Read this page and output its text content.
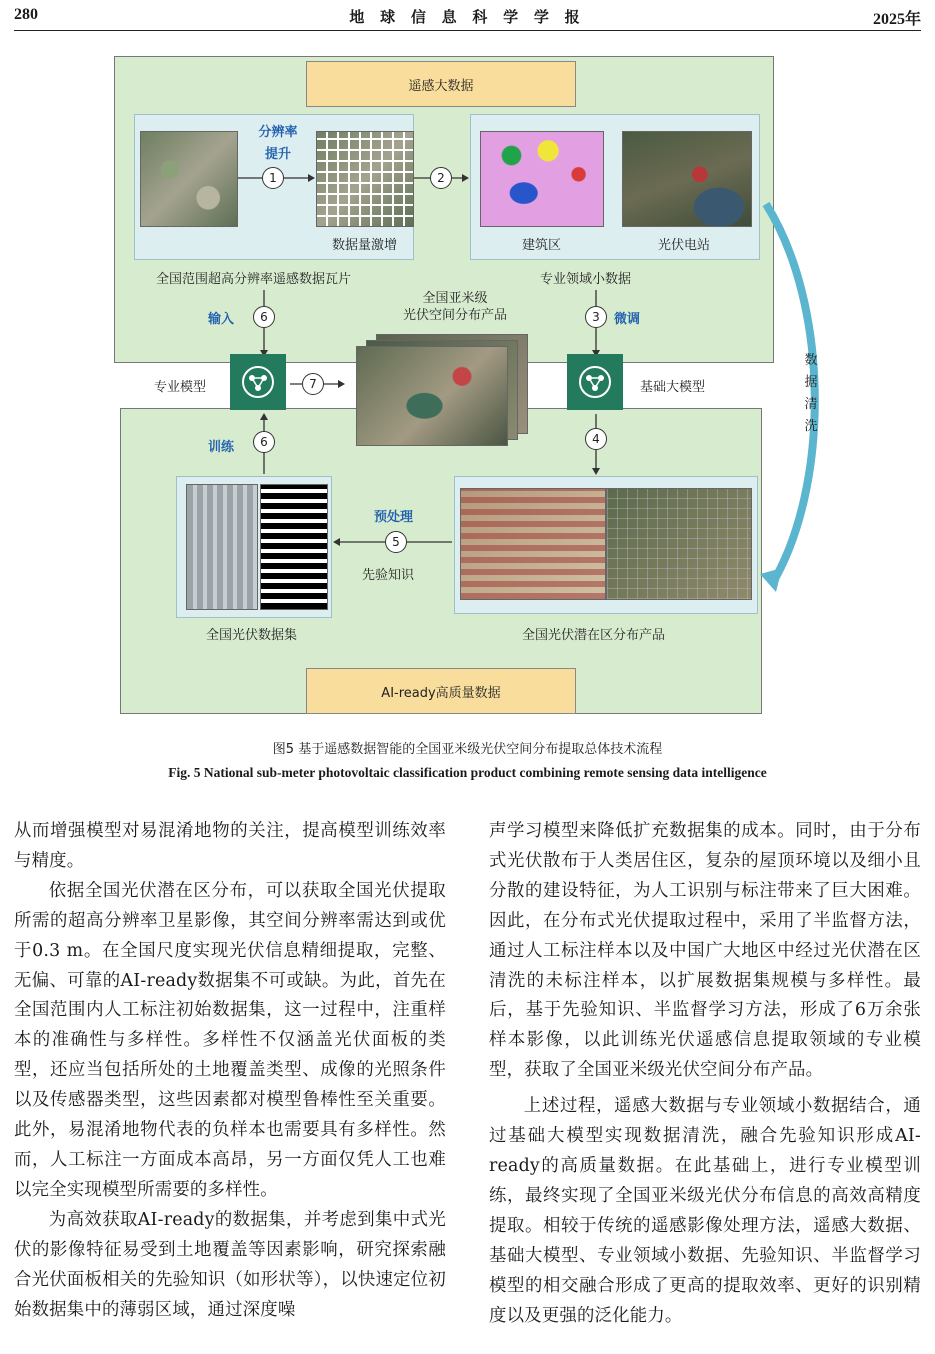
280	地 球 信 息 科 学 学 报	2025年
遥感大数据
AI-ready高质量数据
分辨率
提升
数据量激增	建筑区	光伏电站
全国范围超高分辨率遥感数据瓦片	专业领域小数据
1	2
全国亚米级
光伏空间分布产品
输入	6	微调
3
专业模型	基础大模型
7
训练	6	4
预处理
5
先验知识
全国光伏数据集	全国光伏潜在区分布产品
数
据
清
洗
图5 基于遥感数据智能的全国亚米级光伏空间分布提取总体技术流程
Fig. 5 National sub-meter photovoltaic classification product combining remote sensing data intelligence

从而增强模型对易混淆地物的关注，提高模型训练效率与精度。

依据全国光伏潜在区分布，可以获取全国光伏提取所需的超高分辨率卫星影像，其空间分辨率需达到或优于0.3 m。在全国尺度实现光伏信息精细提取，完整、无偏、可靠的AI-ready数据集不可或缺。为此，首先在全国范围内人工标注初始数据集，这一过程中，注重样本的准确性与多样性。多样性不仅涵盖光伏面板的类型，还应当包括所处的土地覆盖类型、成像的光照条件以及传感器类型，这些因素都对模型鲁棒性至关重要。此外，易混淆地物代表的负样本也需要具有多样性。然而，人工标注一方面成本高昂，另一方面仅凭人工也难以完全实现模型所需要的多样性。

为高效获取AI-ready的数据集，并考虑到集中式光伏的影像特征易受到土地覆盖等因素影响，研究探索融合光伏面板相关的先验知识（如形状等），以快速定位初始数据集中的薄弱区域，通过深度噪

声学习模型来降低扩充数据集的成本。同时，由于分布式光伏散布于人类居住区，复杂的屋顶环境以及细小且分散的建设特征，为人工识别与标注带来了巨大困难。因此，在分布式光伏提取过程中，采用了半监督方法，通过人工标注样本以及中国广大地区中经过光伏潜在区清洗的未标注样本，以扩展数据集规模与多样性。最后，基于先验知识、半监督学习方法，形成了6万余张样本影像，以此训练光伏遥感信息提取领域的专业模型，获取了全国亚米级光伏空间分布产品。

上述过程，遥感大数据与专业领域小数据结合，通过基础大模型实现数据清洗，融合先验知识形成AI-ready的高质量数据。在此基础上，进行专业模型训练，最终实现了全国亚米级光伏分布信息的高效高精度提取。相较于传统的遥感影像处理方法，遥感大数据、基础大模型、专业领域小数据、先验知识、半监督学习模型的相交融合形成了更高的提取效率、更好的识别精度以及更强的泛化能力。
